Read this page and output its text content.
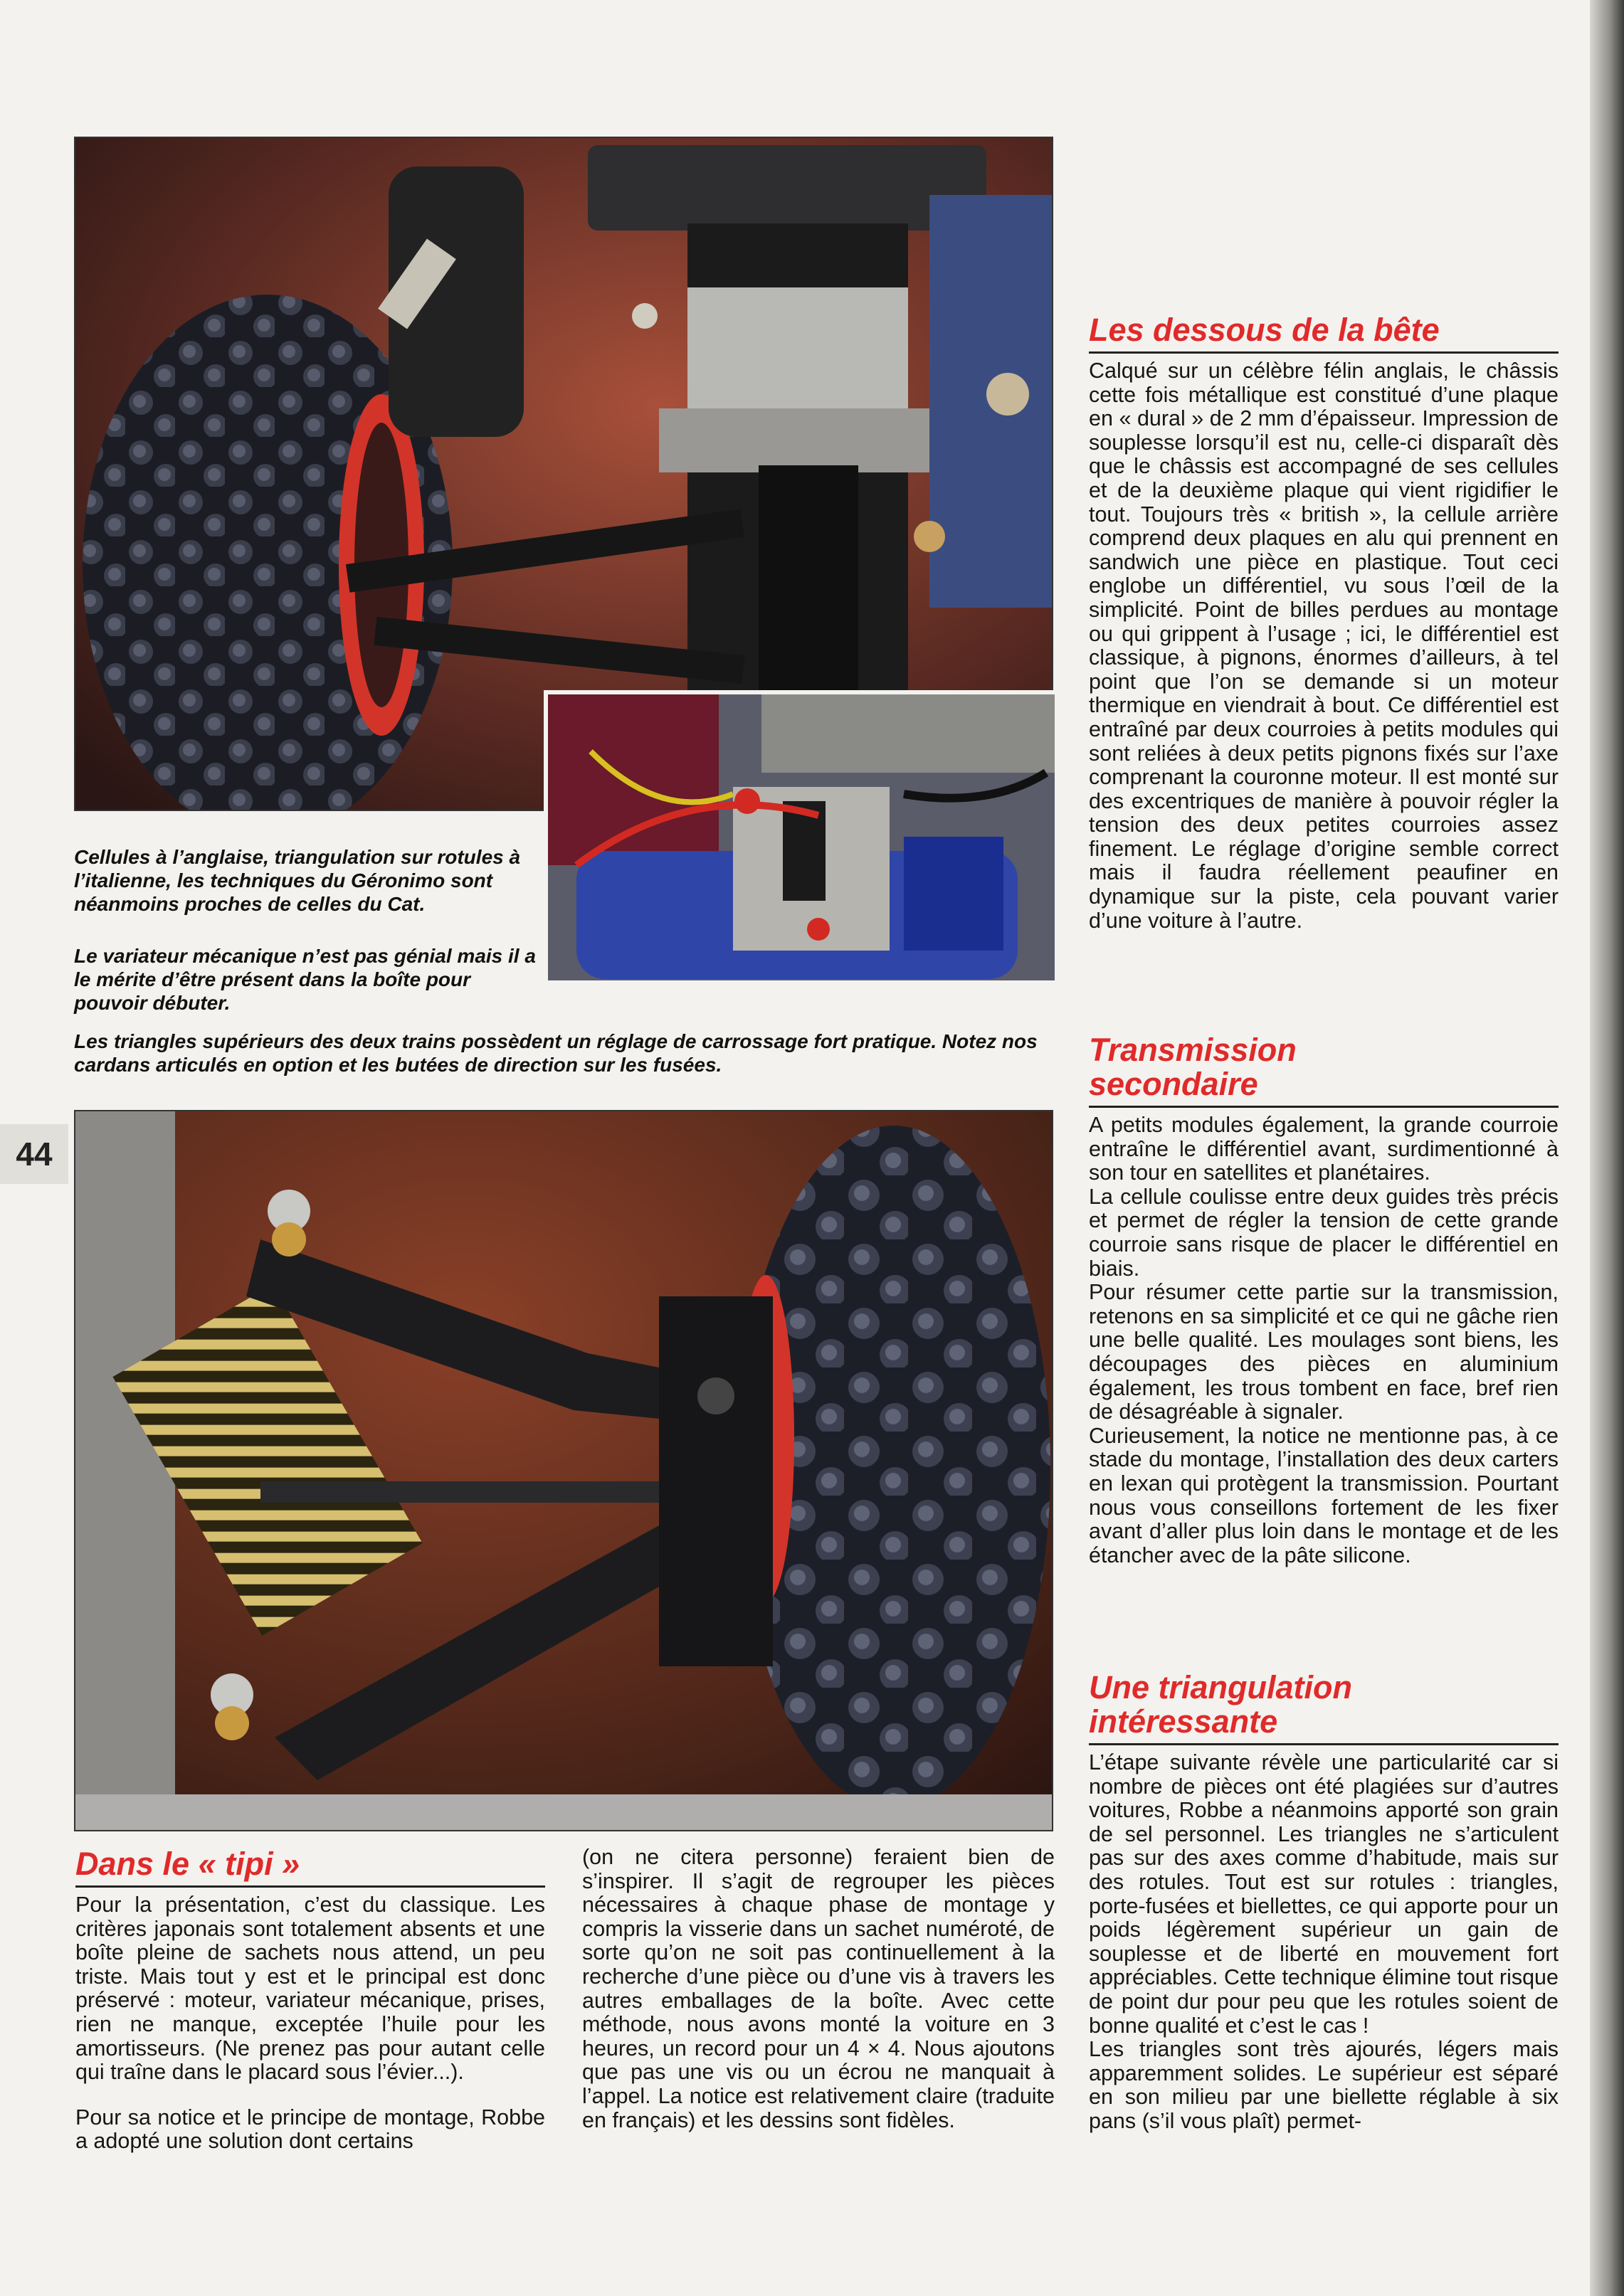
44

Cellules à l’anglaise, triangulation sur rotules à l’italienne, les techniques du Géronimo sont néanmoins proches de celles du Cat.

Le variateur mécanique n’est pas génial mais il a le mérite d’être présent dans la boîte pour pouvoir débuter.

Les triangles supérieurs des deux trains possèdent un réglage de carrossage fort pratique. Notez nos cardans articulés en option et les butées de direction sur les fusées.

Les dessous de la bête

Calqué sur un célèbre félin anglais, le châssis cette fois métallique est constitué d’une plaque en « dural » de 2 mm d’épaisseur. Impression de souplesse lorsqu’il est nu, celle-ci disparaît dès que le châssis est accompagné de ses cellules et de la deuxième plaque qui vient rigidifier le tout. Toujours très « british », la cellule arrière comprend deux plaques en alu qui prennent en sandwich une pièce en plastique. Tout ceci englobe un différentiel, vu sous l’œil de la simplicité. Point de billes perdues au montage ou qui grippent à l’usage ; ici, le différentiel est classique, à pignons, énormes d’ailleurs, à tel point que l’on se demande si un moteur thermique en viendrait à bout. Ce différentiel est entraîné par deux courroies à petits modules qui sont reliées à deux petits pignons fixés sur l’axe comprenant la couronne moteur. Il est monté sur des excentriques de manière à pouvoir régler la tension des deux petites courroies assez finement. Le réglage d’origine semble correct mais il faudra réellement peaufiner en dynamique sur la piste, cela pouvant varier d’une voiture à l’autre.

Transmission
secondaire

A petits modules également, la grande courroie entraîne le différentiel avant, surdimentionné à son tour en satellites et planétaires.

La cellule coulisse entre deux guides très précis et permet de régler la tension de cette grande courroie sans risque de placer le différentiel en biais.

Pour résumer cette partie sur la transmission, retenons en sa simplicité et ce qui ne gâche rien une belle qualité. Les moulages sont biens, les découpages des pièces en aluminium également, les trous tombent en face, bref rien de désagréable à signaler.

Curieusement, la notice ne mentionne pas, à ce stade du montage, l’installation des deux carters en lexan qui protègent la transmission. Pourtant nous vous conseillons fortement de les fixer avant d’aller plus loin dans le montage et de les étancher avec de la pâte silicone.

Une triangulation
intéressante

L’étape suivante révèle une particularité car si nombre de pièces ont été plagiées sur d’autres voitures, Robbe a néanmoins apporté son grain de sel personnel. Les triangles ne s’articulent pas sur des axes comme d’habitude, mais sur des rotules. Tout est sur rotules : triangles, porte-fusées et biellettes, ce qui apporte pour un poids légèrement supérieur un gain de souplesse et de liberté en mouvement fort appréciables. Cette technique élimine tout risque de point dur pour peu que les rotules soient de bonne qualité et c’est le cas !

Les triangles sont très ajourés, légers mais apparemment solides. Le supérieur est séparé en son milieu par une biellette réglable à six pans (s’il vous plaît) permet-

Dans le « tipi »

Pour la présentation, c’est du classique. Les critères japonais sont totalement absents et une boîte pleine de sachets nous attend, un peu triste. Mais tout y est et le principal est donc préservé : moteur, variateur mécanique, prises, rien ne manque, exceptée l’huile pour les amortisseurs. (Ne prenez pas pour autant celle qui traîne dans le placard sous l’évier...).

Pour sa notice et le principe de montage, Robbe a adopté une solution dont certains

(on ne citera personne) feraient bien de s’inspirer. Il s’agit de regrouper les pièces nécessaires à chaque phase de montage y compris la visserie dans un sachet numéroté, de sorte qu’on ne soit pas continuellement à la recherche d’une pièce ou d’une vis à travers les autres emballages de la boîte. Avec cette méthode, nous avons monté la voiture en 3 heures, un record pour un 4 × 4. Nous ajoutons que pas une vis ou un écrou ne manquait à l’appel. La notice est relativement claire (traduite en français) et les dessins sont fidèles.
